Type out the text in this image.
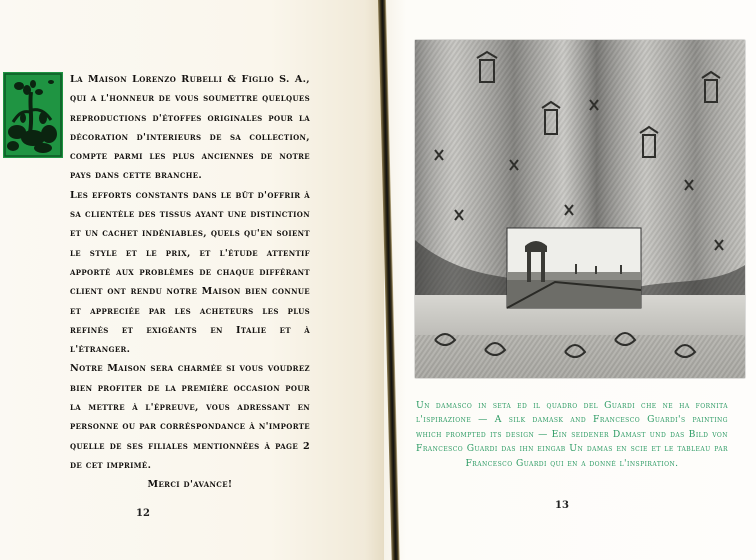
La Maison Lorenzo Rubelli & Figlio S. A., qui a l'honneur de vous soumettre quelques reproductions d'étoffes originales pour la décoration d'interieurs de sa collection, compte parmi les plus anciennes de notre pays dans cette branche.

Les efforts constants dans le bût d'offrir à sa clientèle des tissus ayant une distinction et un cachet indéniables, quels qu'en soient le style et le prix, et l'étude attentif apporté aux problèmes de chaque différant client ont rendu notre Maison bien connue et appreciée par les acheteurs les plus refinés et exigéants en Italie et à l'étranger.

Notre Maison sera charmée si vous voudrez bien profiter de la première occasion pour la mettre à l'épreuve, vous adressant en personne ou par corréspondance à n'importe quelle de ses filiales mentionnées à page 2 de cet imprimé.

Merci d'avance!

12
Un damasco in seta ed il quadro del Guardi che ne ha fornita l'ispirazione — A silk damask and Francesco Guardi's painting which prompted its design — Ein seidener Damast und das Bild von Francesco Guardi das ihn eingab Un damas en scie et le tableau par Francesco Guardi qui en a donné l'inspiration.
13
